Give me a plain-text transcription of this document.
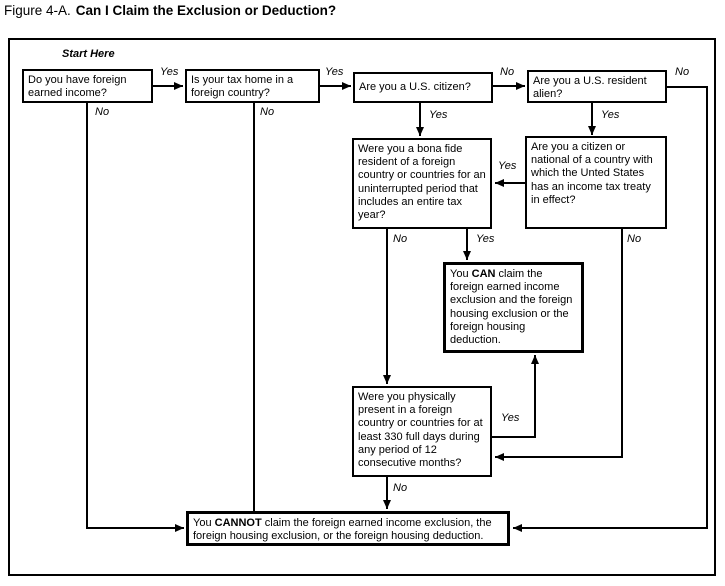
Figure 4-A. Can I Claim the Exclusion or Deduction?
Start Here
Do you have foreign earned income?
Is your tax home in a foreign country?
Are you a U.S. citizen?	Are you a U.S. resident alien?
Were you a bona fide resident of a foreign country or countries for an uninterrupted period that includes an entire tax year?
Are you a citizen or national of a country with which the Unted States has an income tax treaty in effect?
You CAN claim the foreign earned income exclusion and the foreign housing exclusion or the foreign housing deduction.
Were you physically present in a foreign country or countries for at least 330 full days during any period of 12 consecutive months?
You CANNOT claim the foreign earned income exclusion, the foreign housing exclusion, or the foreign housing deduction.
Yes	Yes	No	No
No	No	Yes	Yes
Yes
No	Yes	No
Yes
No
